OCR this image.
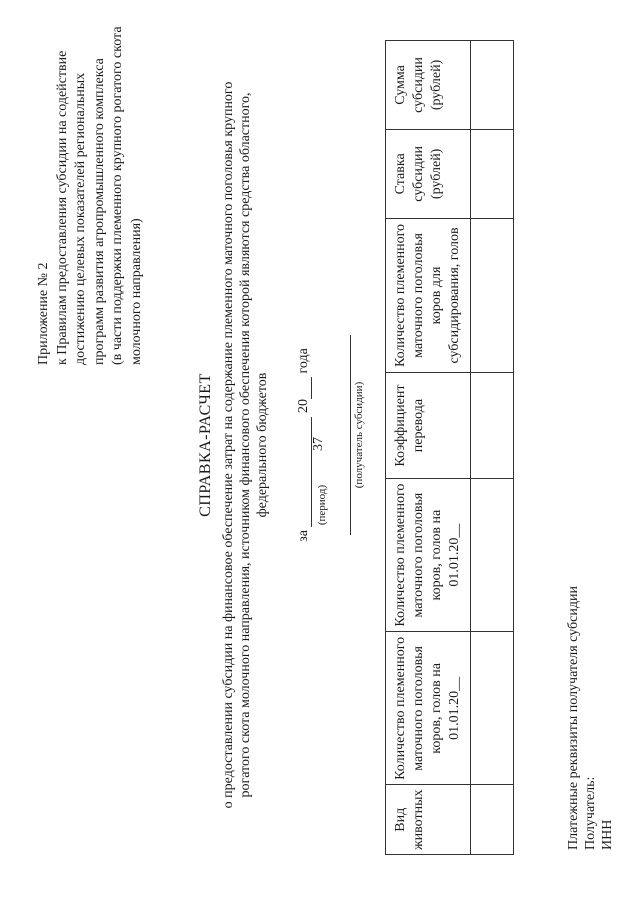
37
Приложение № 2 к Правилам предоставления субсидии на содействие достижению целевых показателей региональных программ развития агропромышленного комплекса (в части поддержки племенного крупного рогатого скота молочного направления)
СПРАВКА-РАСЧЕТ о предоставлении субсидии на финансовое обеспечение затрат на содержание племенного маточного поголовья крупного рогатого скота молочного направления, источником финансового обеспечения которой являются средства областного, федерального бюджетов
за  20 года
(период)
(получатель субсидии)
Вид животных	Количество племенного маточного поголовья коров, голов на 01.01.20__	Количество племенного маточного поголовья коров, голов на 01.01.20__	Коэффициент перевода	Количество племенного маточного поголовья коров для субсидирования, голов	Ставка субсидии (рублей)	Сумма субсидии (рублей)

Платежные реквизиты получателя субсидии Получатель: ИНН
